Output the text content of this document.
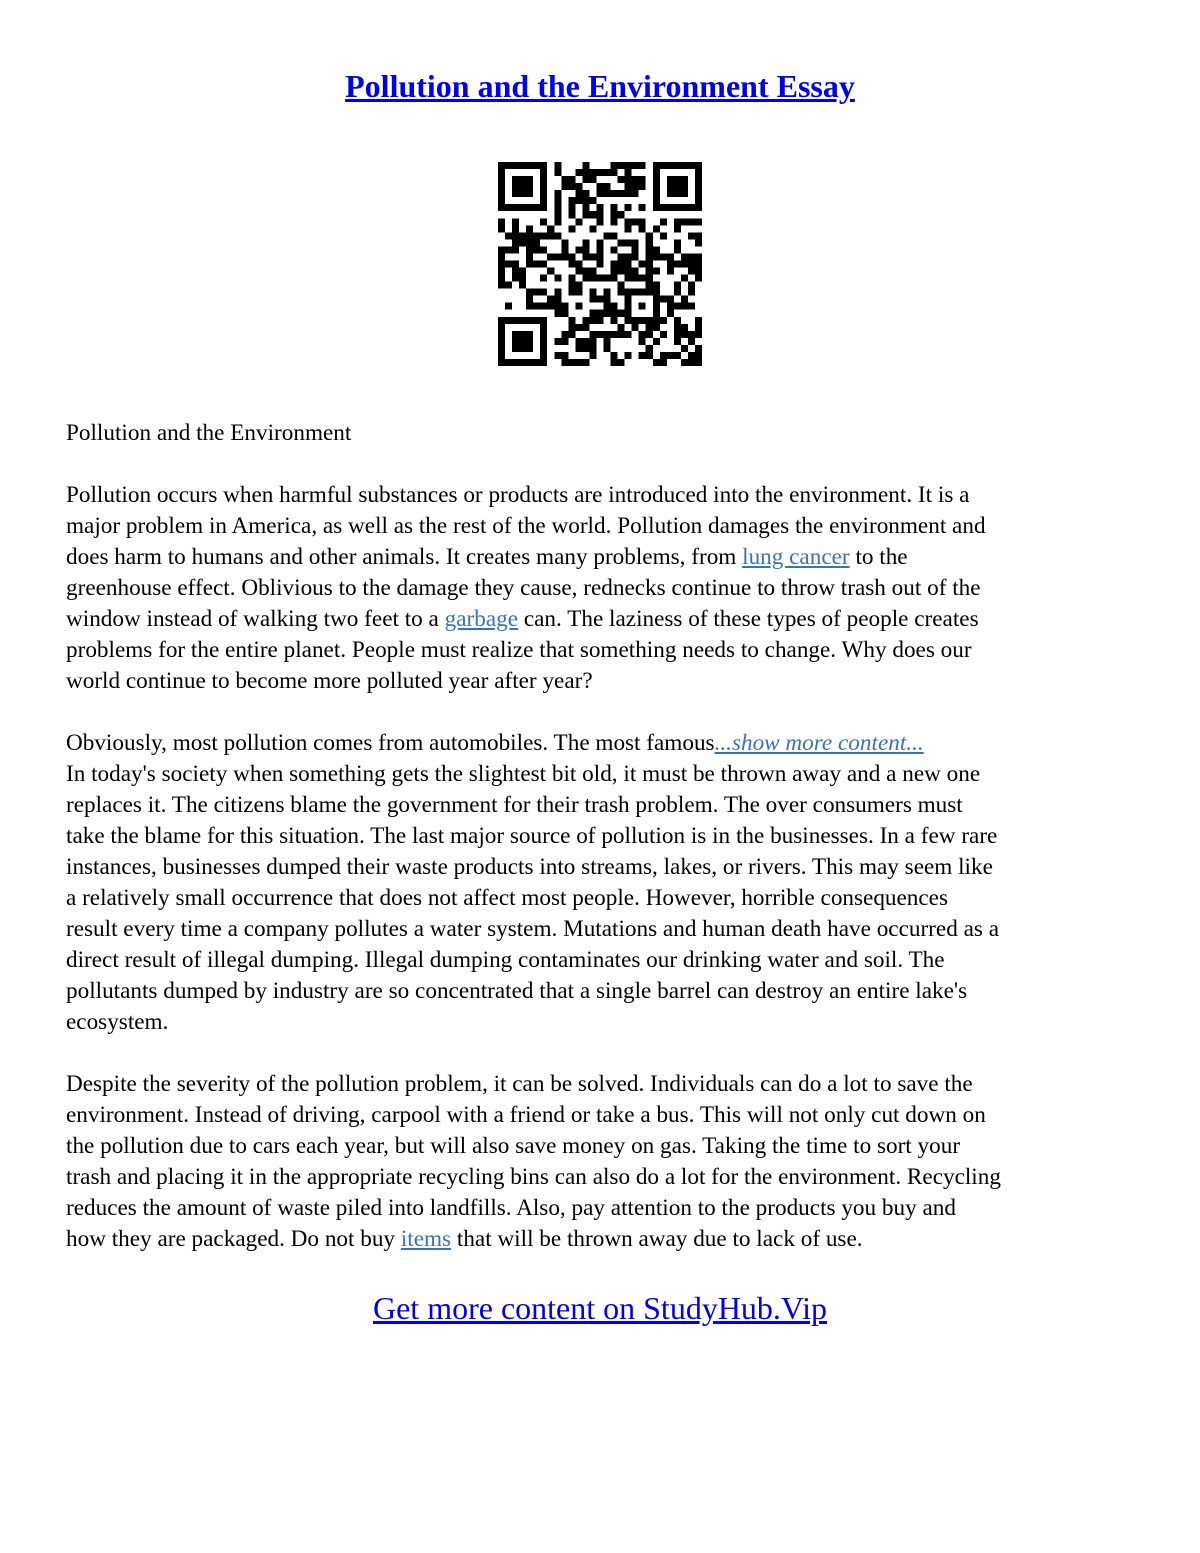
Pollution and the Environment Essay
Pollution and the Environment
Pollution occurs when harmful substances or products are introduced into the environment. It is a
major problem in America, as well as the rest of the world. Pollution damages the environment and
does harm to humans and other animals. It creates many problems, from lung cancer to the
greenhouse effect. Oblivious to the damage they cause, rednecks continue to throw trash out of the
window instead of walking two feet to a garbage can. The laziness of these types of people creates
problems for the entire planet. People must realize that something needs to change. Why does our
world continue to become more polluted year after year?
Obviously, most pollution comes from automobiles. The most famous...show more content...
In today's society when something gets the slightest bit old, it must be thrown away and a new one
replaces it. The citizens blame the government for their trash problem. The over consumers must
take the blame for this situation. The last major source of pollution is in the businesses. In a few rare
instances, businesses dumped their waste products into streams, lakes, or rivers. This may seem like
a relatively small occurrence that does not affect most people. However, horrible consequences
result every time a company pollutes a water system. Mutations and human death have occurred as a
direct result of illegal dumping. Illegal dumping contaminates our drinking water and soil. The
pollutants dumped by industry are so concentrated that a single barrel can destroy an entire lake's
ecosystem.
Despite the severity of the pollution problem, it can be solved. Individuals can do a lot to save the
environment. Instead of driving, carpool with a friend or take a bus. This will not only cut down on
the pollution due to cars each year, but will also save money on gas. Taking the time to sort your
trash and placing it in the appropriate recycling bins can also do a lot for the environment. Recycling
reduces the amount of waste piled into landfills. Also, pay attention to the products you buy and
how they are packaged. Do not buy items that will be thrown away due to lack of use.
Get more content on StudyHub.Vip
